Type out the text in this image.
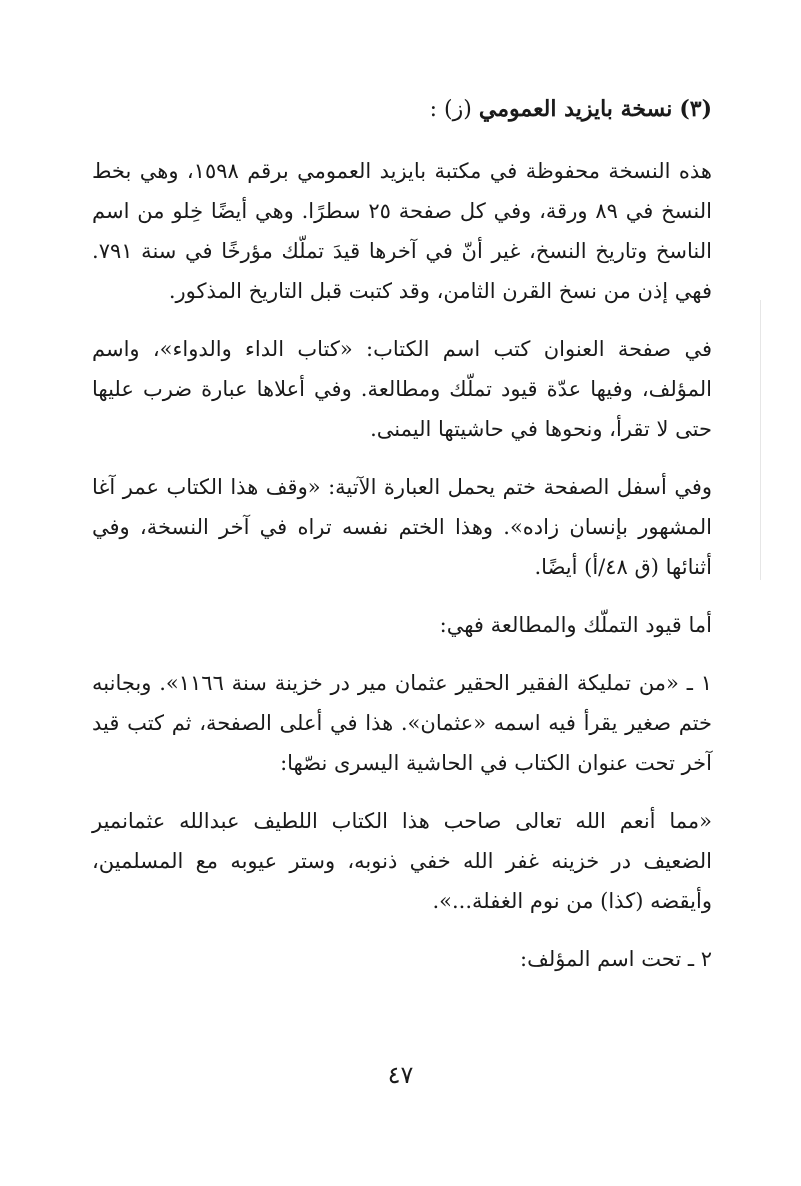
(٣) نسخة بايزيد العمومي (ز) :

هذه النسخة محفوظة في مكتبة بايزيد العمومي برقم ١٥٩٨، وهي بخط النسخ في ٨٩ ورقة، وفي كل صفحة ٢٥ سطرًا. وهي أيضًا خِلو من اسم الناسخ وتاريخ النسخ، غير أنّ في آخرها قيدَ تملّك مؤرخًا في سنة ٧٩١. فهي إذن من نسخ القرن الثامن، وقد كتبت قبل التاريخ المذكور.

في صفحة العنوان كتب اسم الكتاب: «كتاب الداء والدواء»، واسم المؤلف، وفيها عدّة قيود تملّك ومطالعة. وفي أعلاها عبارة ضرب عليها حتى لا تقرأ، ونحوها في حاشيتها اليمنى.

وفي أسفل الصفحة ختم يحمل العبارة الآتية: «وقف هذا الكتاب عمر آغا المشهور بإنسان زاده». وهذا الختم نفسه تراه في آخر النسخة، وفي أثنائها (ق ٤٨/أ) أيضًا.

أما قيود التملّك والمطالعة فهي:

١ ـ «من تمليكة الفقير الحقير عثمان مير در خزينة سنة ١١٦٦». وبجانبه ختم صغير يقرأ فيه اسمه «عثمان». هذا في أعلى الصفحة، ثم كتب قيد آخر تحت عنوان الكتاب في الحاشية اليسرى نصّها:

«مما أنعم الله تعالى صاحب هذا الكتاب اللطيف عبدالله عثمانمير الضعيف در خزينه غفر الله خفي ذنوبه، وستر عيوبه مع المسلمين، وأيقضه (كذا) من نوم الغفلة...».

٢ ـ تحت اسم المؤلف:

٤٧
